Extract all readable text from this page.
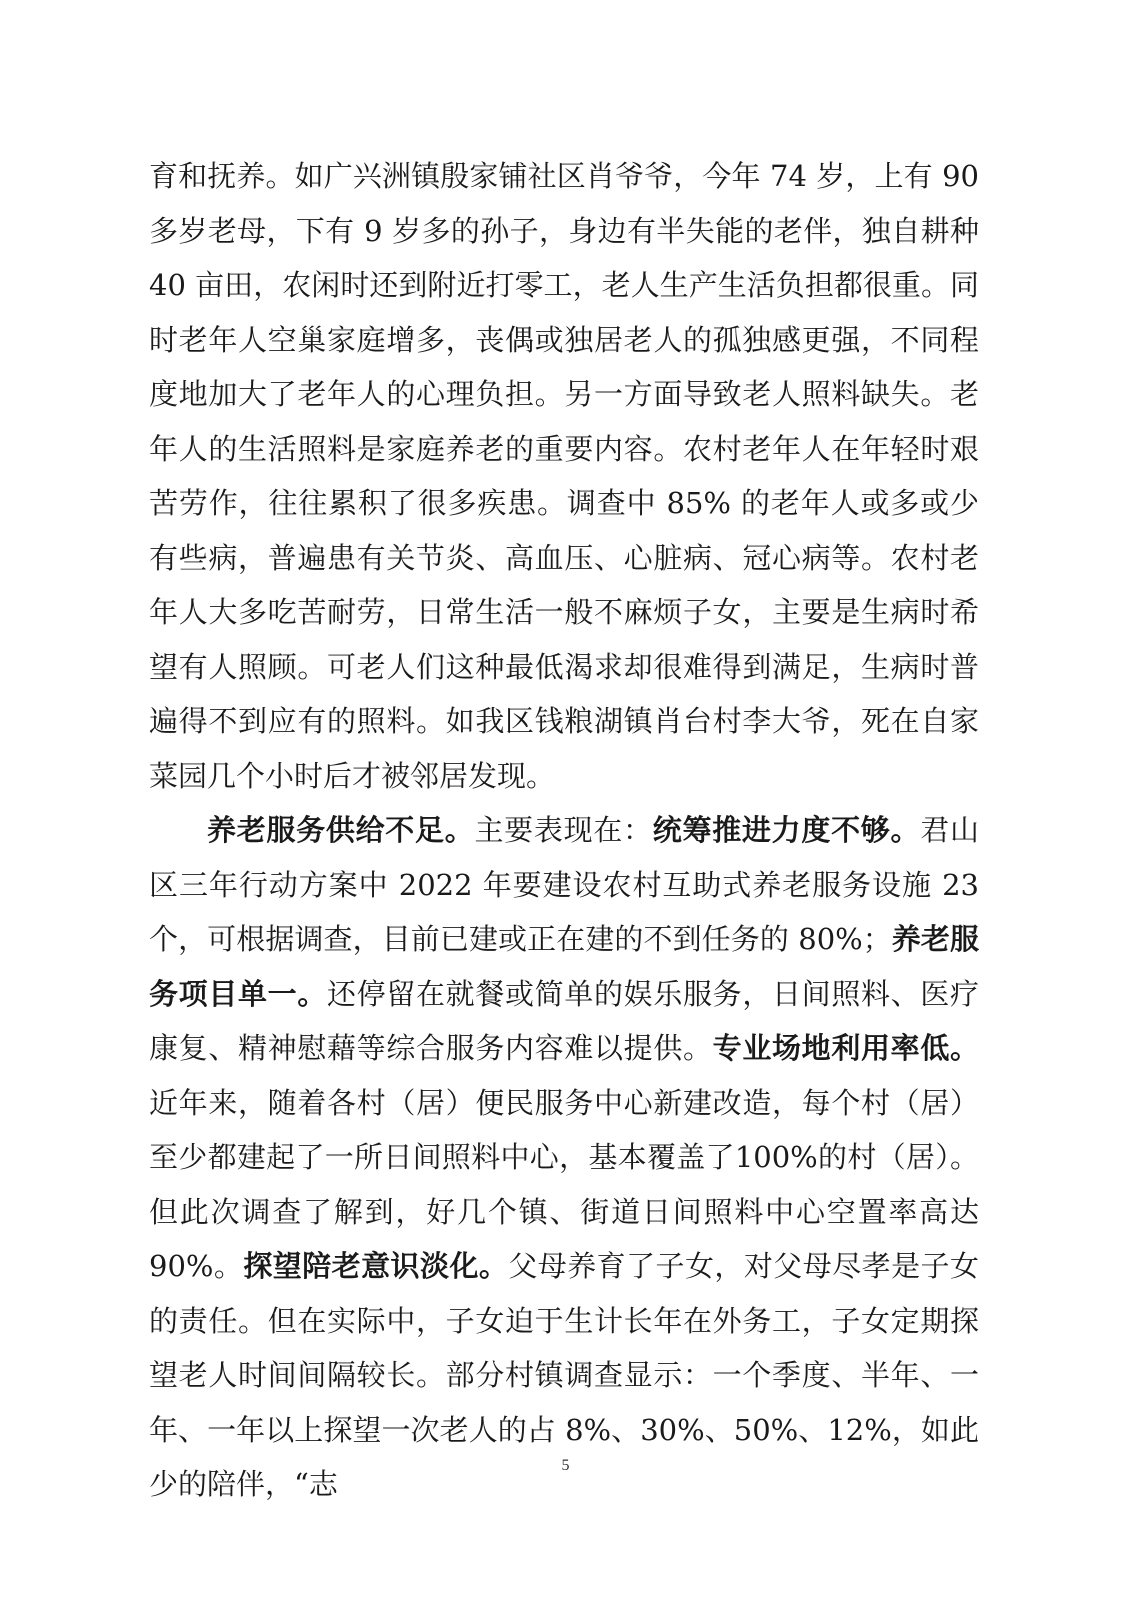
育和抚养。如广兴洲镇殷家铺社区肖爷爷，今年 74 岁，上有 90 多岁老母，下有 9 岁多的孙子，身边有半失能的老伴，独自耕种 40 亩田，农闲时还到附近打零工，老人生产生活负担都很重。同时老年人空巢家庭增多，丧偶或独居老人的孤独感更强，不同程度地加大了老年人的心理负担。另一方面导致老人照料缺失。老年人的生活照料是家庭养老的重要内容。农村老年人在年轻时艰苦劳作，往往累积了很多疾患。调查中 85% 的老年人或多或少有些病，普遍患有关节炎、高血压、心脏病、冠心病等。农村老年人大多吃苦耐劳，日常生活一般不麻烦子女，主要是生病时希望有人照顾。可老人们这种最低渴求却很难得到满足，生病时普遍得不到应有的照料。如我区钱粮湖镇肖台村李大爷，死在自家菜园几个小时后才被邻居发现。

养老服务供给不足。主要表现在：统筹推进力度不够。君山区三年行动方案中 2022 年要建设农村互助式养老服务设施 23 个，可根据调查，目前已建或正在建的不到任务的 80%；养老服务项目单一。还停留在就餐或简单的娱乐服务，日间照料、医疗康复、精神慰藉等综合服务内容难以提供。专业场地利用率低。近年来，随着各村（居）便民服务中心新建改造，每个村（居）至少都建起了一所日间照料中心，基本覆盖了100%的村（居）。但此次调查了解到，好几个镇、街道日间照料中心空置率高达 90%。探望陪老意识淡化。父母养育了子女，对父母尽孝是子女的责任。但在实际中，子女迫于生计长年在外务工，子女定期探望老人时间间隔较长。部分村镇调查显示：一个季度、半年、一年、一年以上探望一次老人的占 8%、30%、50%、12%，如此少的陪伴，“志

5
